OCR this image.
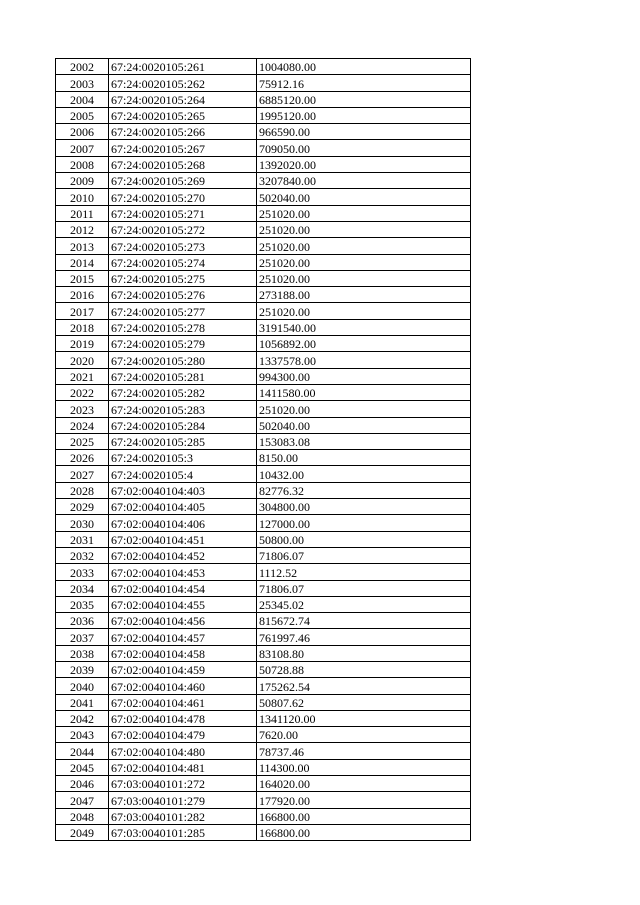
2002	67:24:0020105:261	1004080.00
2003	67:24:0020105:262	75912.16
2004	67:24:0020105:264	6885120.00
2005	67:24:0020105:265	1995120.00
2006	67:24:0020105:266	966590.00
2007	67:24:0020105:267	709050.00
2008	67:24:0020105:268	1392020.00
2009	67:24:0020105:269	3207840.00
2010	67:24:0020105:270	502040.00
2011	67:24:0020105:271	251020.00
2012	67:24:0020105:272	251020.00
2013	67:24:0020105:273	251020.00
2014	67:24:0020105:274	251020.00
2015	67:24:0020105:275	251020.00
2016	67:24:0020105:276	273188.00
2017	67:24:0020105:277	251020.00
2018	67:24:0020105:278	3191540.00
2019	67:24:0020105:279	1056892.00
2020	67:24:0020105:280	1337578.00
2021	67:24:0020105:281	994300.00
2022	67:24:0020105:282	1411580.00
2023	67:24:0020105:283	251020.00
2024	67:24:0020105:284	502040.00
2025	67:24:0020105:285	153083.08
2026	67:24:0020105:3	8150.00
2027	67:24:0020105:4	10432.00
2028	67:02:0040104:403	82776.32
2029	67:02:0040104:405	304800.00
2030	67:02:0040104:406	127000.00
2031	67:02:0040104:451	50800.00
2032	67:02:0040104:452	71806.07
2033	67:02:0040104:453	1112.52
2034	67:02:0040104:454	71806.07
2035	67:02:0040104:455	25345.02
2036	67:02:0040104:456	815672.74
2037	67:02:0040104:457	761997.46
2038	67:02:0040104:458	83108.80
2039	67:02:0040104:459	50728.88
2040	67:02:0040104:460	175262.54
2041	67:02:0040104:461	50807.62
2042	67:02:0040104:478	1341120.00
2043	67:02:0040104:479	7620.00
2044	67:02:0040104:480	78737.46
2045	67:02:0040104:481	114300.00
2046	67:03:0040101:272	164020.00
2047	67:03:0040101:279	177920.00
2048	67:03:0040101:282	166800.00
2049	67:03:0040101:285	166800.00
